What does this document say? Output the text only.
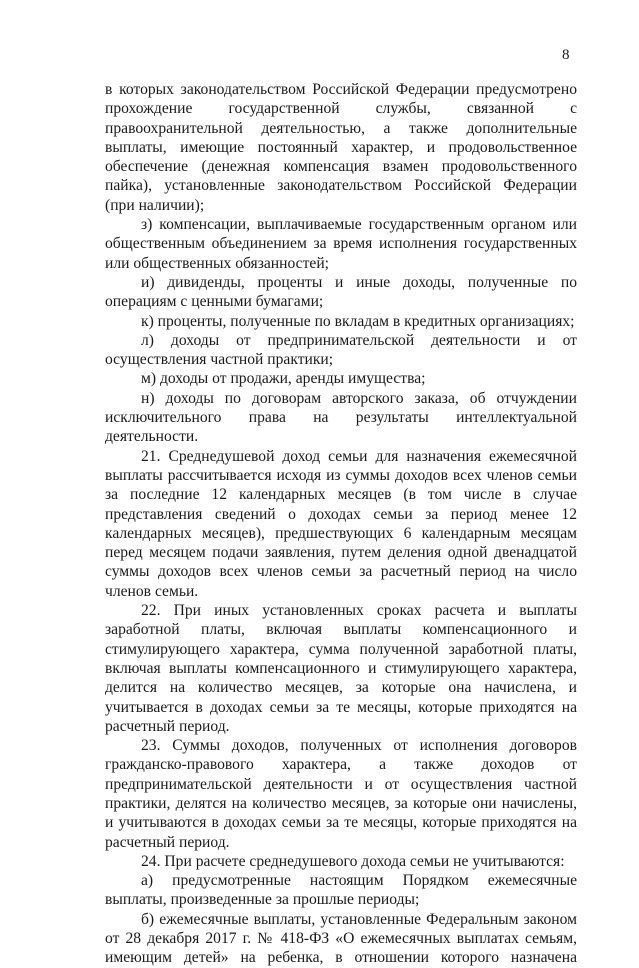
8

в которых законодательством Российской Федерации предусмотрено прохождение государственной службы, связанной с правоохранительной деятельностью, а также дополнительные выплаты, имеющие постоянный характер, и продовольственное обеспечение (денежная компенсация взамен продовольственного пайка), установленные законодательством Российской Федерации (при наличии);

з) компенсации, выплачиваемые государственным органом или общественным объединением за время исполнения государственных или общественных обязанностей;

и) дивиденды, проценты и иные доходы, полученные по операциям с ценными бумагами;

к) проценты, полученные по вкладам в кредитных организациях;

л) доходы от предпринимательской деятельности и от осуществления частной практики;

м) доходы от продажи, аренды имущества;

н) доходы по договорам авторского заказа, об отчуждении исключительного права на результаты интеллектуальной деятельности.

21. Среднедушевой доход семьи для назначения ежемесячной выплаты рассчитывается исходя из суммы доходов всех членов семьи за последние 12 календарных месяцев (в том числе в случае представления сведений о доходах семьи за период менее 12 календарных месяцев), предшествующих 6 календарным месяцам перед месяцем подачи заявления, путем деления одной двенадцатой суммы доходов всех членов семьи за расчетный период на число членов семьи.

22. При иных установленных сроках расчета и выплаты заработной платы, включая выплаты компенсационного и стимулирующего характера, сумма полученной заработной платы, включая выплаты компенсационного и стимулирующего характера, делится на количество месяцев, за которые она начислена, и учитывается в доходах семьи за те месяцы, которые приходятся на расчетный период.

23. Суммы доходов, полученных от исполнения договоров гражданско-правового характера, а также доходов от предпринимательской деятельности и от осуществления частной практики, делятся на количество месяцев, за которые они начислены, и учитываются в доходах семьи за те месяцы, которые приходятся на расчетный период.

24. При расчете среднедушевого дохода семьи не учитываются:

а) предусмотренные настоящим Порядком ежемесячные выплаты, произведенные за прошлые периоды;

б) ежемесячные выплаты, установленные Федеральным законом от 28 декабря 2017 г. № 418-ФЗ «О ежемесячных выплатах семьям, имеющим детей» на ребенка, в отношении которого назначена
